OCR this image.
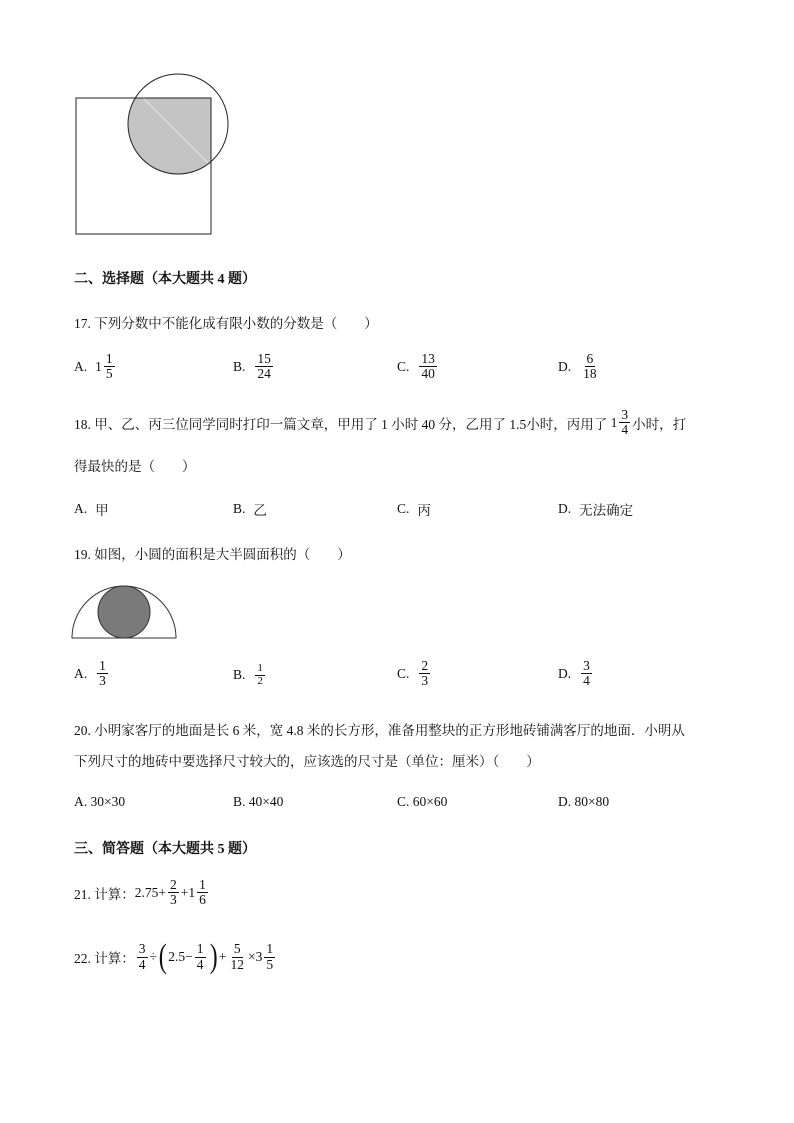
二、选择题（本大题共 4 题）
17. 下列分数中不能化成有限小数的分数是（　　）
A. $1 \frac{1}{5}$	B. $\frac{15}{24}$	C. $\frac{13}{40}$	D. $\frac{6}{18}$
18. 甲、乙、丙三位同学同时打印一篇文章，甲用了 1 小时 40 分，乙用了 1.5小时，丙用了 $1 \frac{3}{4}$ 小时，打
得最快的是（　　）
A. 甲	B. 乙	C. 丙	D. 无法确定
19. 如图，小圆的面积是大半圆面积的（　　）
A. $\frac{1}{3}$	B. $\frac{1}{2}$	C. $\frac{2}{3}$	D. $\frac{3}{4}$
20. 小明家客厅的地面是长 6 米，宽 4.8 米的长方形，准备用整块的正方形地砖铺满客厅的地面．小明从
下列尺寸的地砖中要选择尺寸较大的，应该选的尺寸是（单位：厘米）（　　）
A. 30×30	B. 40×40	C. 60×60	D. 80×80
三、简答题（本大题共 5 题）
21. 计算： $2.75+ \frac{2}{3} +1 \frac{1}{6}$
22. 计算： $\frac{3}{4}$ ÷ ( $2.5- \frac{1}{4}$ ) + $\frac{5}{12} \times 3 \frac{1}{5}$
